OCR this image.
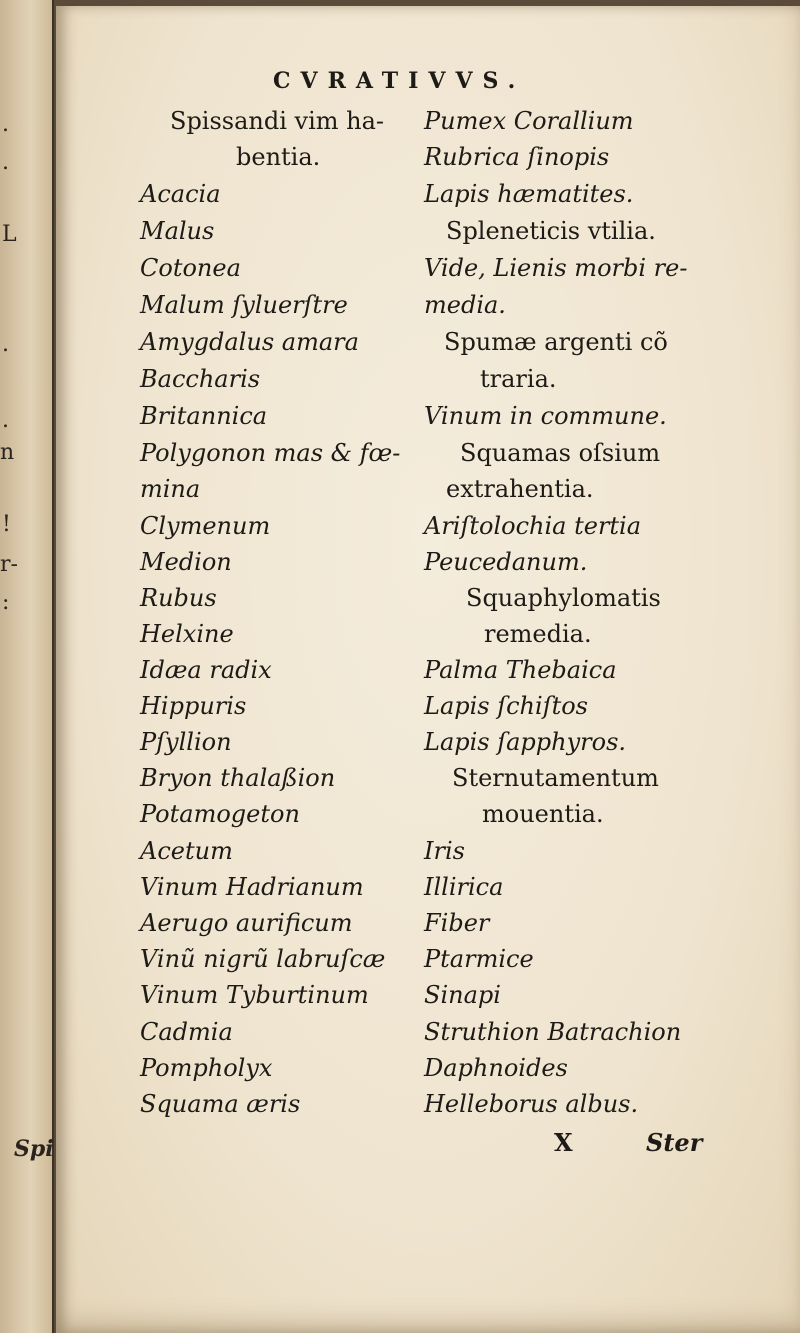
.
.
L
.
.
n
!
r-
:
Spi
CVRATIVVS.
Spissandi vim ha-
bentia.
Acacia
Malus
Cotonea
Malum ſyluerſtre
Amygdalus amara
Baccharis
Britannica
Polygonon mas & fœ-
mina
Clymenum
Medion
Rubus
Helxine
Idæa radix
Hippuris
Pſyllion
Bryon thalaßion
Potamogeton
Acetum
Vinum Hadrianum
Aerugo aurificum
Vinũ nigrũ labruſcæ
Vinum Tyburtinum
Cadmia
Pompholyx
Squama æris
Pumex Corallium
Rubrica ſinopis
Lapis hæmatites.
Spleneticis vtilia.
Vide, Lienis morbi re-
media.
Spumæ argenti cõ
traria.
Vinum in commune.
Squamas oſsium
extrahentia.
Ariſtolochia tertia
Peucedanum.
Squaphylomatis
remedia.
Palma Thebaica
Lapis ſchiſtos
Lapis ſapphyros.
Sternutamentum
mouentia.
Iris
Illirica
Fiber
Ptarmice
Sinapi
Struthion Batrachion
Daphnoides
Helleborus albus.
X	Ster
